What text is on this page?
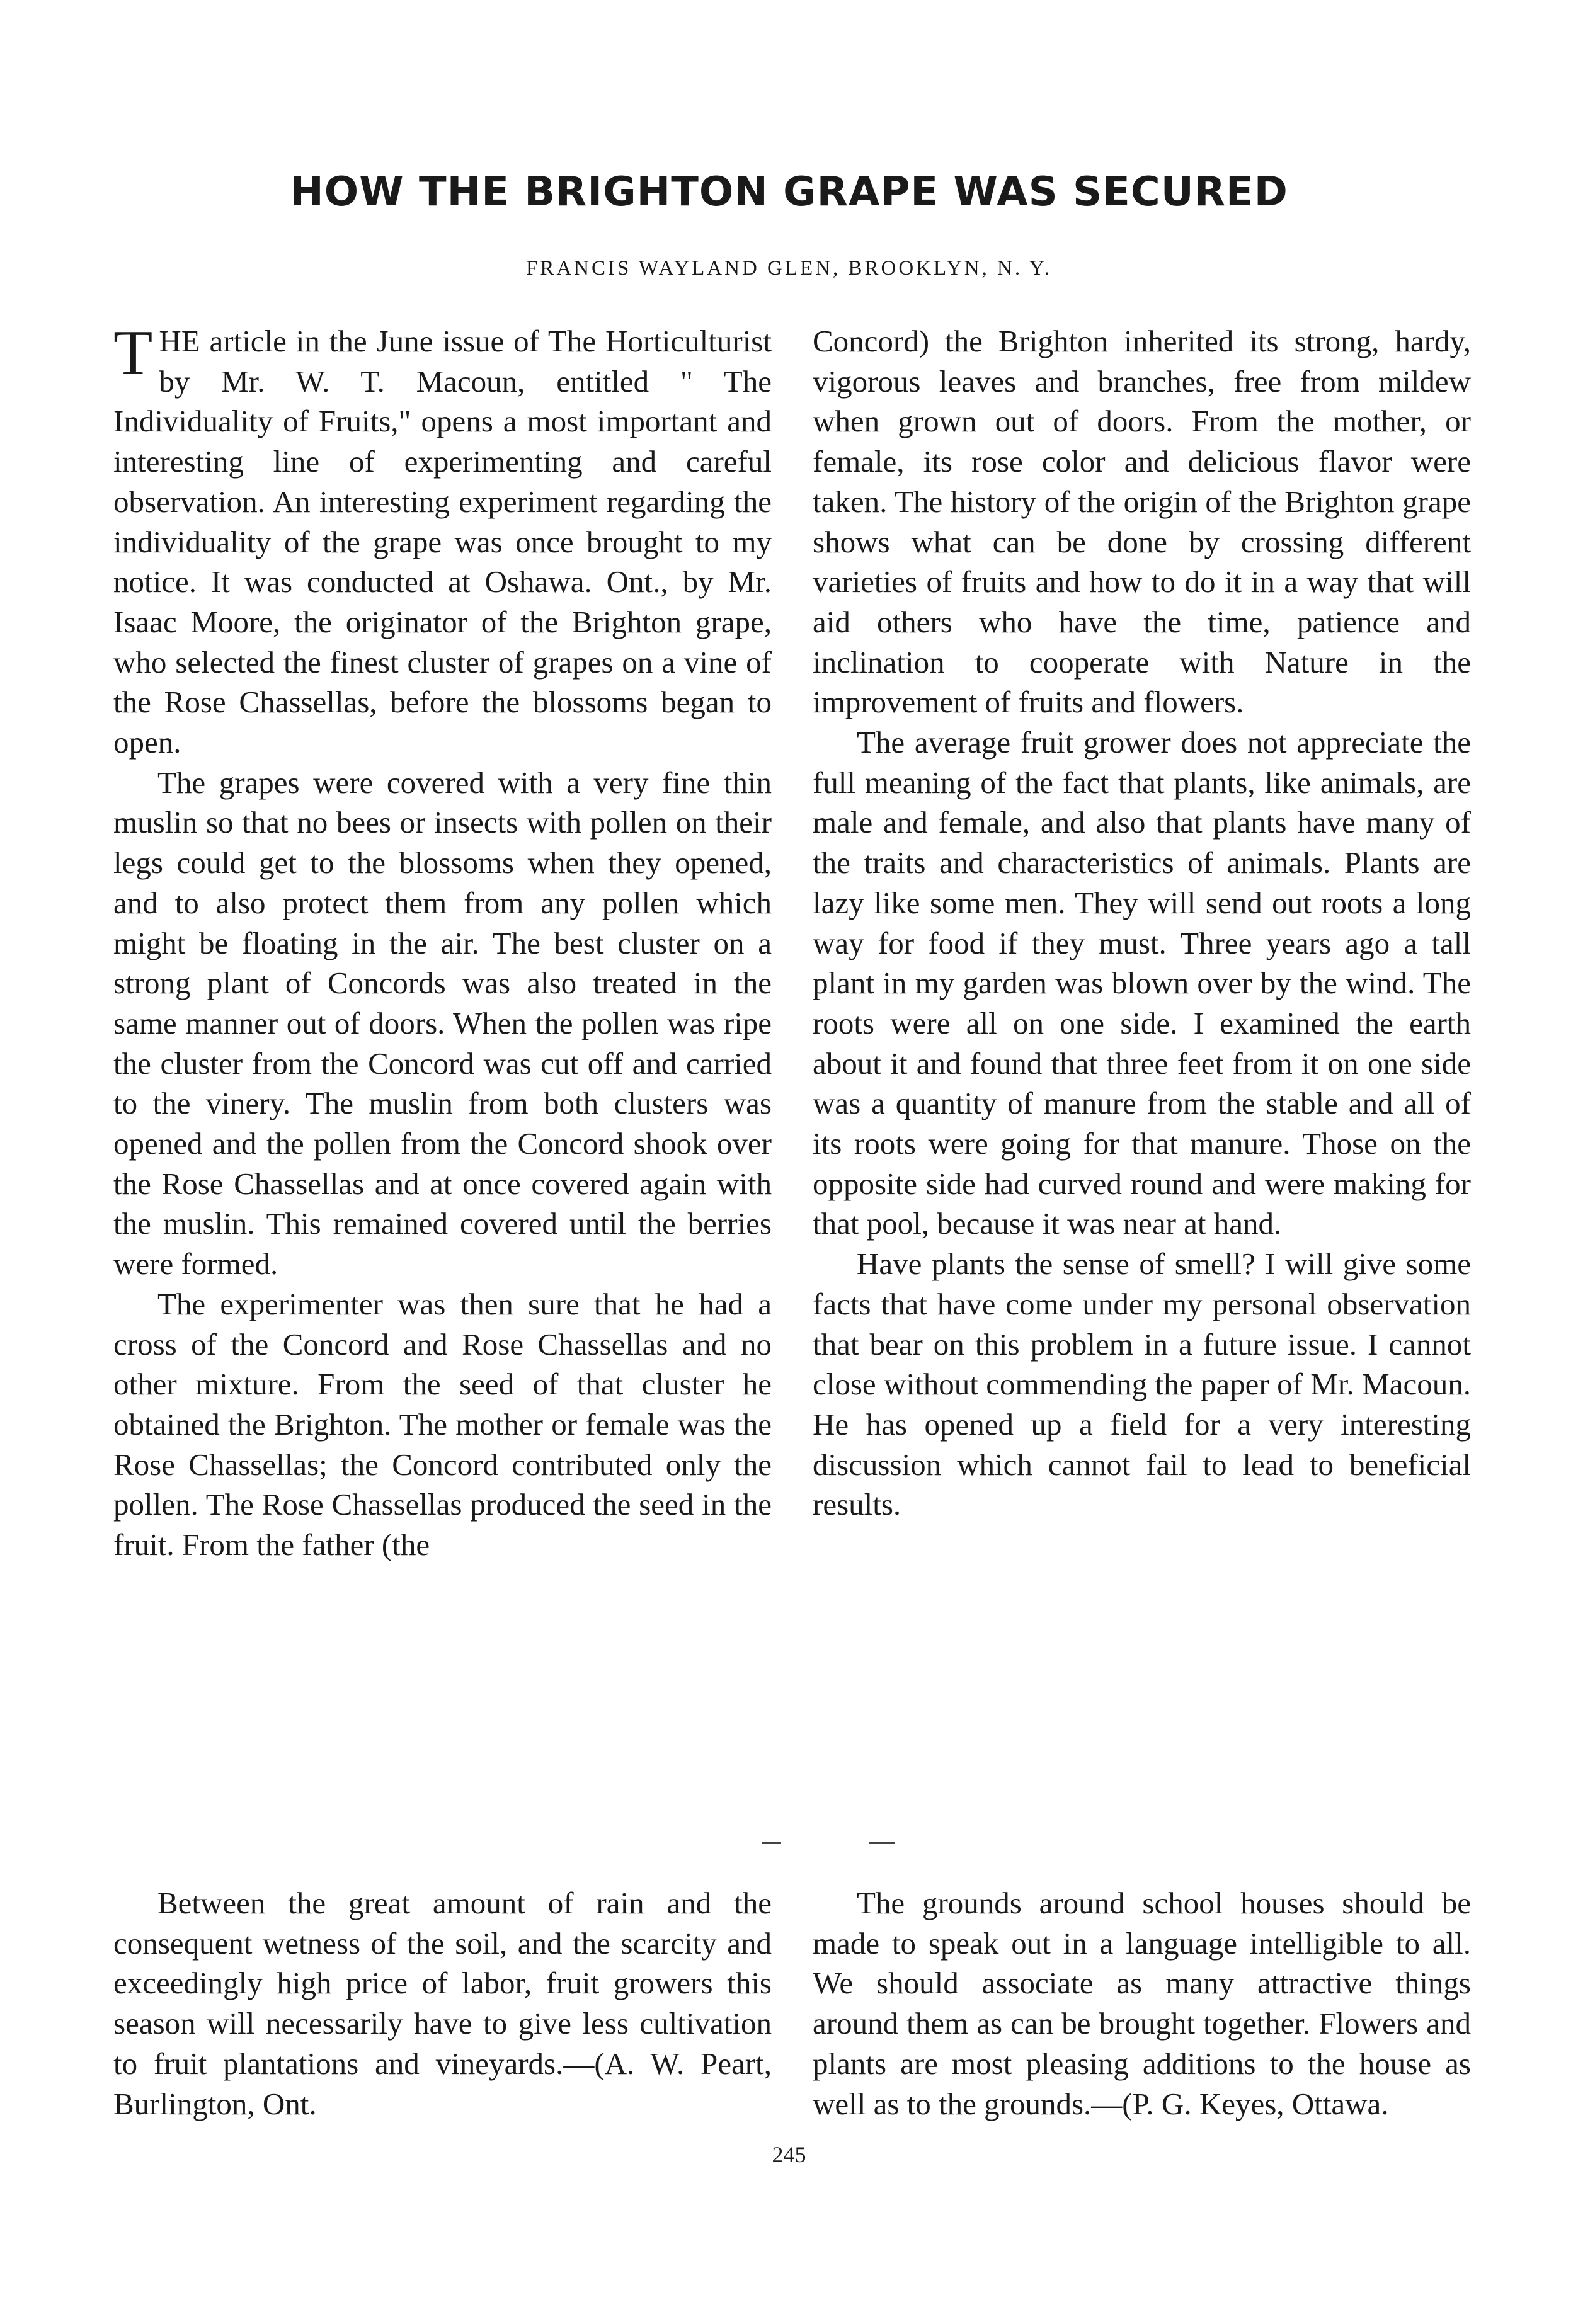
HOW THE BRIGHTON GRAPE WAS SECURED
FRANCIS WAYLAND GLEN, BROOKLYN, N. Y.

THE article in the June issue of The Horticulturist by Mr. W. T. Macoun, entitled " The Individuality of Fruits," opens a most important and interesting line of experimenting and careful observation. An interesting experiment regarding the individuality of the grape was once brought to my notice. It was conducted at Oshawa. Ont., by Mr. Isaac Moore, the originator of the Brighton grape, who selected the finest cluster of grapes on a vine of the Rose Chassellas, before the blossoms began to open.

The grapes were covered with a very fine thin muslin so that no bees or insects with pollen on their legs could get to the blossoms when they opened, and to also protect them from any pollen which might be floating in the air. The best cluster on a strong plant of Concords was also treated in the same manner out of doors. When the pollen was ripe the cluster from the Concord was cut off and carried to the vinery. The muslin from both clusters was opened and the pollen from the Concord shook over the Rose Chassellas and at once covered again with the muslin. This remained covered until the berries were formed.

The experimenter was then sure that he had a cross of the Concord and Rose Chassellas and no other mixture. From the seed of that cluster he obtained the Brighton. The mother or female was the Rose Chassellas; the Concord contributed only the pollen. The Rose Chassellas produced the seed in the fruit. From the father (the

Concord) the Brighton inherited its strong, hardy, vigorous leaves and branches, free from mildew when grown out of doors. From the mother, or female, its rose color and delicious flavor were taken. The history of the origin of the Brighton grape shows what can be done by crossing different varieties of fruits and how to do it in a way that will aid others who have the time, patience and inclination to cooperate with Nature in the improvement of fruits and flowers.

The average fruit grower does not appreciate the full meaning of the fact that plants, like animals, are male and female, and also that plants have many of the traits and characteristics of animals. Plants are lazy like some men. They will send out roots a long way for food if they must. Three years ago a tall plant in my garden was blown over by the wind. The roots were all on one side. I examined the earth about it and found that three feet from it on one side was a quantity of manure from the stable and all of its roots were going for that manure. Those on the opposite side had curved round and were making for that pool, because it was near at hand.

Have plants the sense of smell? I will give some facts that have come under my personal observation that bear on this problem in a future issue. I cannot close without commending the paper of Mr. Macoun. He has opened up a field for a very interesting discussion which cannot fail to lead to beneficial results.

Between the great amount of rain and the consequent wetness of the soil, and the scarcity and exceedingly high price of labor, fruit growers this season will necessarily have to give less cultivation to fruit plantations and vineyards.—(A. W. Peart, Burlington, Ont.

The grounds around school houses should be made to speak out in a language intelligible to all. We should associate as many attractive things around them as can be brought together. Flowers and plants are most pleasing additions to the house as well as to the grounds.—(P. G. Keyes, Ottawa.

245
